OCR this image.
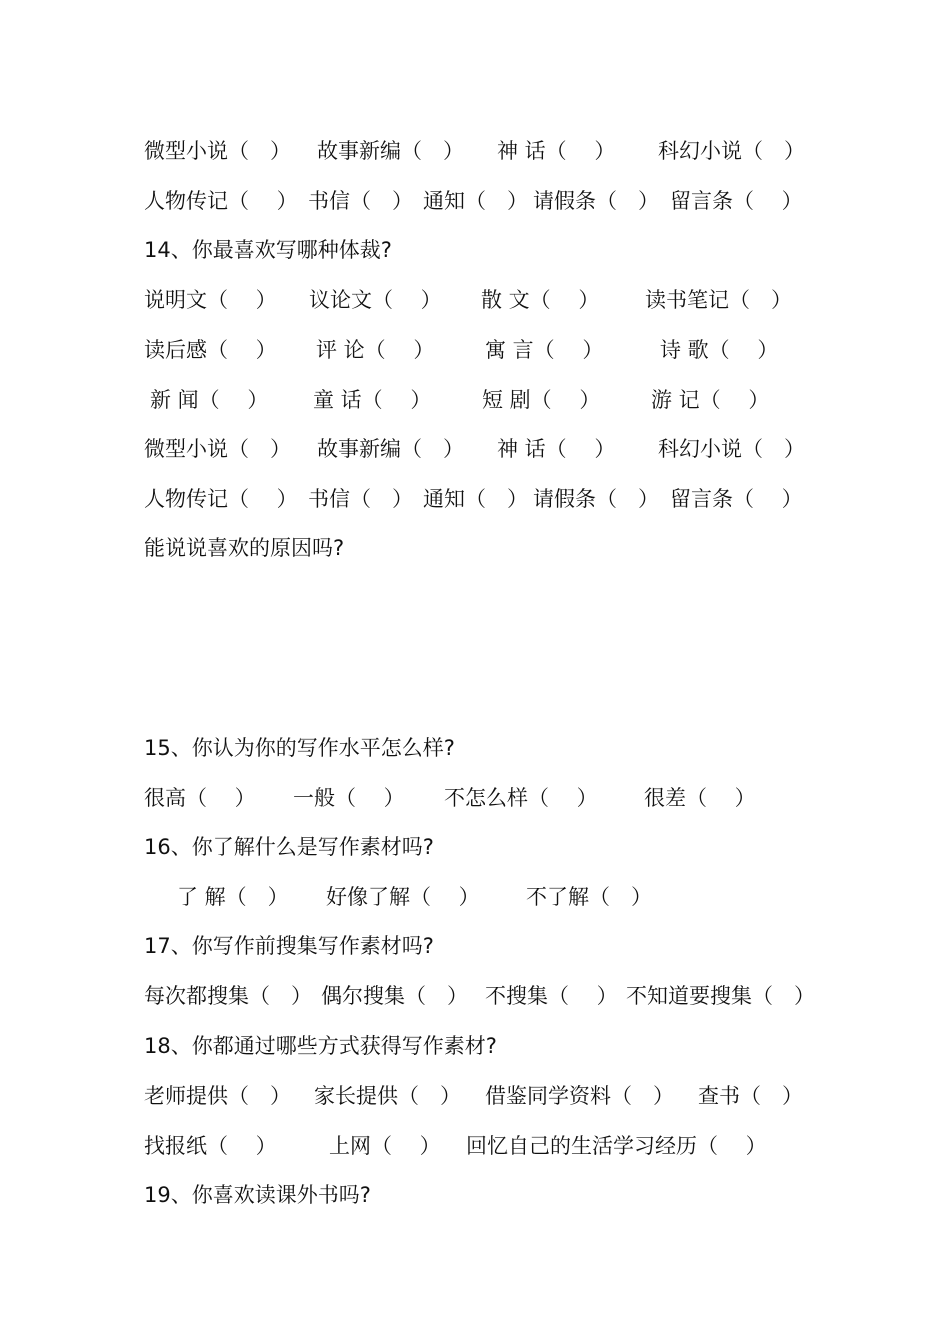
微型小说（　） 故事新编（　） 神 话（　 ） 科幻小说（　）
人物传记（　 ） 书信（　） 通知（　） 请假条（　） 留言条（　 ）
14、你最喜欢写哪种体裁?
说明文（　 ） 议论文（　 ） 散 文（　 ） 读书笔记（　）
读后感（　 ） 评 论（　 ） 寓 言（　 ）	诗 歌（　 ）
新 闻（　 ） 童 话（　 ） 短 剧（　 ） 游 记（　 ）
微型小说（　） 故事新编（　） 神 话（　 ） 科幻小说（　）
人物传记（　 ） 书信（　） 通知（　） 请假条（　） 留言条（　 ）
能说说喜欢的原因吗?
15、你认为你的写作水平怎么样?
很高（　 ） 一般（　 ） 不怎么样（　 ） 很差（　 ）
16、你了解什么是写作素材吗?
了 解（　） 好像了解（　 ） 不了解（　）
17、你写作前搜集写作素材吗?
每次都搜集（　） 偶尔搜集（　） 不搜集（　 ） 不知道要搜集（　）
18、你都通过哪些方式获得写作素材?
老师提供（　） 家长提供（　） 借鉴同学资料（　） 查书（　）
找报纸（　 ） 上网（　 ） 回忆自己的生活学习经历（　 ）
19、你喜欢读课外书吗?
